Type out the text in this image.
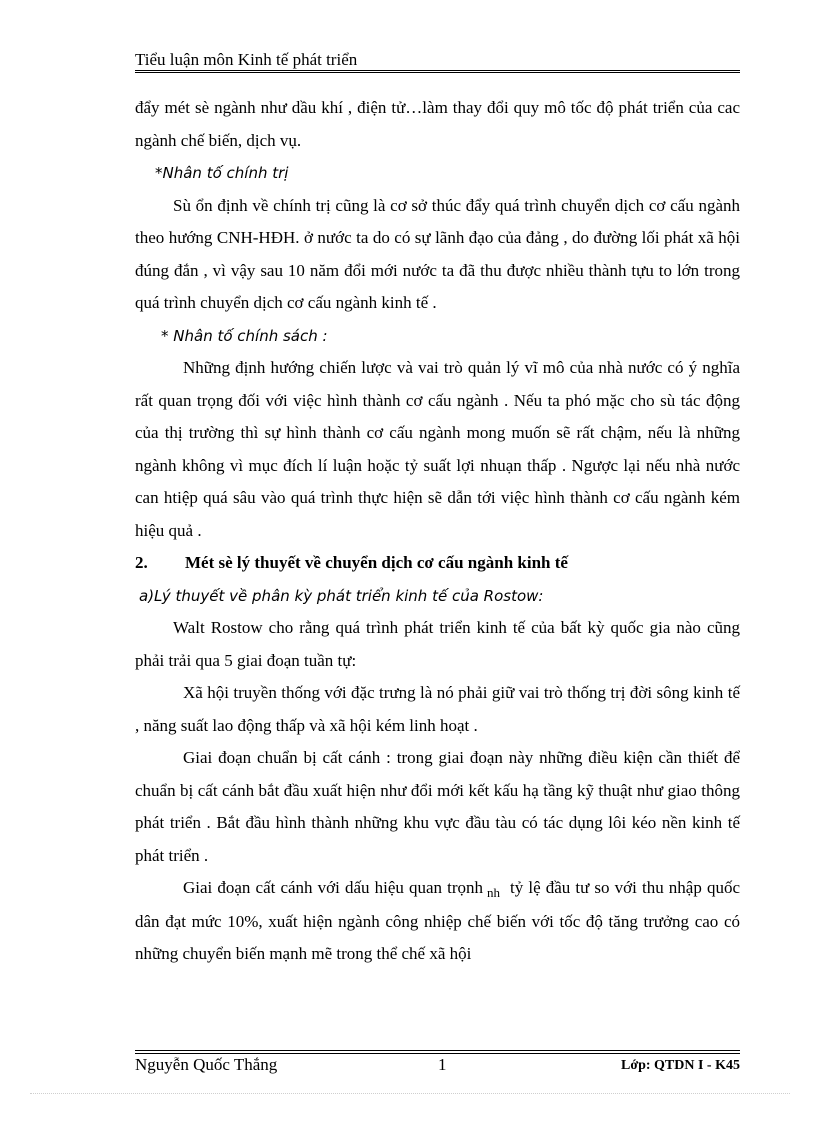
Tiểu luận môn Kinh tế phát triển

đẩy mét sè ngành như dầu khí , điện tử…làm thay đổi quy mô tốc độ phát triển của cac ngành chế biến, dịch vụ.

*Nhân tố chính trị

Sù ổn định về chính trị cũng là cơ sở thúc đẩy quá trình chuyển dịch cơ cấu ngành theo hướng CNH-HĐH. ở nước ta do có sự lãnh đạo của đảng , do đường lối phát xã hội đúng đắn , vì vậy sau 10 năm đổi mới nước ta đã thu được nhiều thành tựu to lớn trong quá trình chuyển dịch cơ cấu ngành kinh tế .

* Nhân tố chính sách :

Những định hướng chiến lược và vai trò quản lý vĩ mô của nhà nước có ý nghĩa rất quan trọng đối với việc hình thành cơ cấu ngành . Nếu ta phó mặc cho sù tác động của thị trường thì sự hình thành cơ cấu ngành mong muốn sẽ rất chậm, nếu là những ngành không vì mục đích lí luận hoặc tỷ suất lợi nhuạn thấp . Ngược lại nếu nhà nước can htiệp quá sâu vào quá trình thực hiện sẽ dẫn tới việc hình thành cơ cấu ngành kém hiệu quả .

2. Mét sè lý thuyết về chuyển dịch cơ cấu ngành kinh tế

a)Lý thuyết về phân kỳ phát triển kinh tế của Rostow:

Walt Rostow cho rằng quá trình phát triển kinh tế của bất kỳ quốc gia nào cũng phải trải qua 5 giai đoạn tuần tự:

Xã hội truyền thống với đặc trưng là nó phải giữ vai trò thống trị đời sông kinh tế , năng suất lao động thấp và xã hội kém linh hoạt .

Giai đoạn chuẩn bị cất cánh : trong giai đoạn này những điều kiện cần thiết để chuẩn bị cất cánh bắt đầu xuất hiện như đổi mới kết kấu hạ tầng kỹ thuật như giao thông phát triển . Bắt đầu hình thành những khu vực đầu tàu có tác dụng lôi kéo nền kinh tế phát triển .

Giai đoạn cất cánh với dấu hiệu quan trọnh $_{nh}$ tỷ lệ đầu tư so với thu nhập quốc dân đạt mức 10%, xuất hiện ngành công nhiệp chế biến với tốc độ tăng trưởng cao có những chuyển biến mạnh mẽ trong thể chế xã hội

Nguyễn Quốc Thắng	1	Lớp: QTDN I - K45
